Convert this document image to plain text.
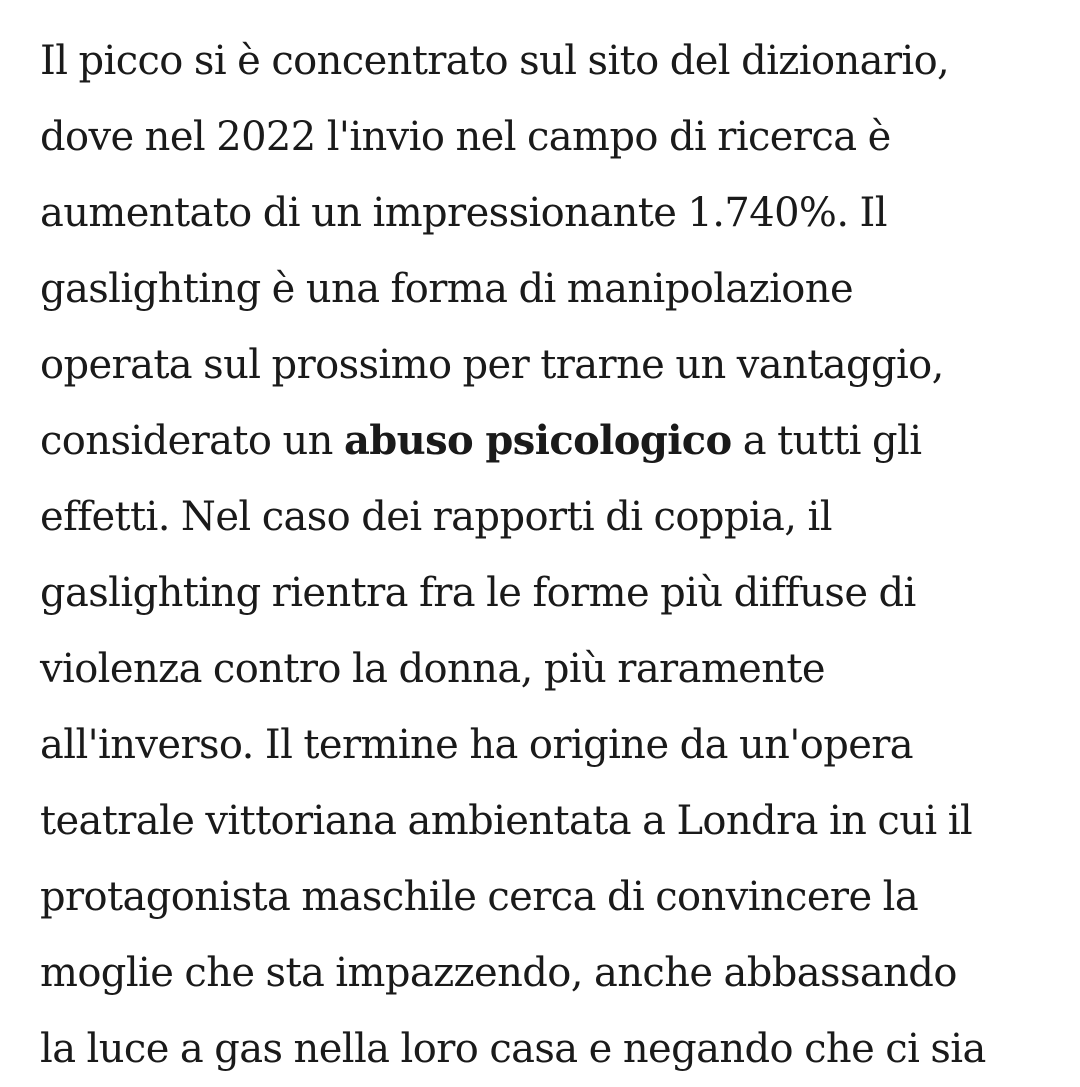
Il picco si è concentrato sul sito del dizionario,
dove nel 2022 l'invio nel campo di ricerca è
aumentato di un impressionante 1.740%. Il
gaslighting è una forma di manipolazione
operata sul prossimo per trarne un vantaggio,
considerato un abuso psicologico a tutti gli
effetti. Nel caso dei rapporti di coppia, il
gaslighting rientra fra le forme più diffuse di
violenza contro la donna, più raramente
all'inverso. Il termine ha origine da un'opera
teatrale vittoriana ambientata a Londra in cui il
protagonista maschile cerca di convincere la
moglie che sta impazzendo, anche abbassando
la luce a gas nella loro casa e negando che ci sia
